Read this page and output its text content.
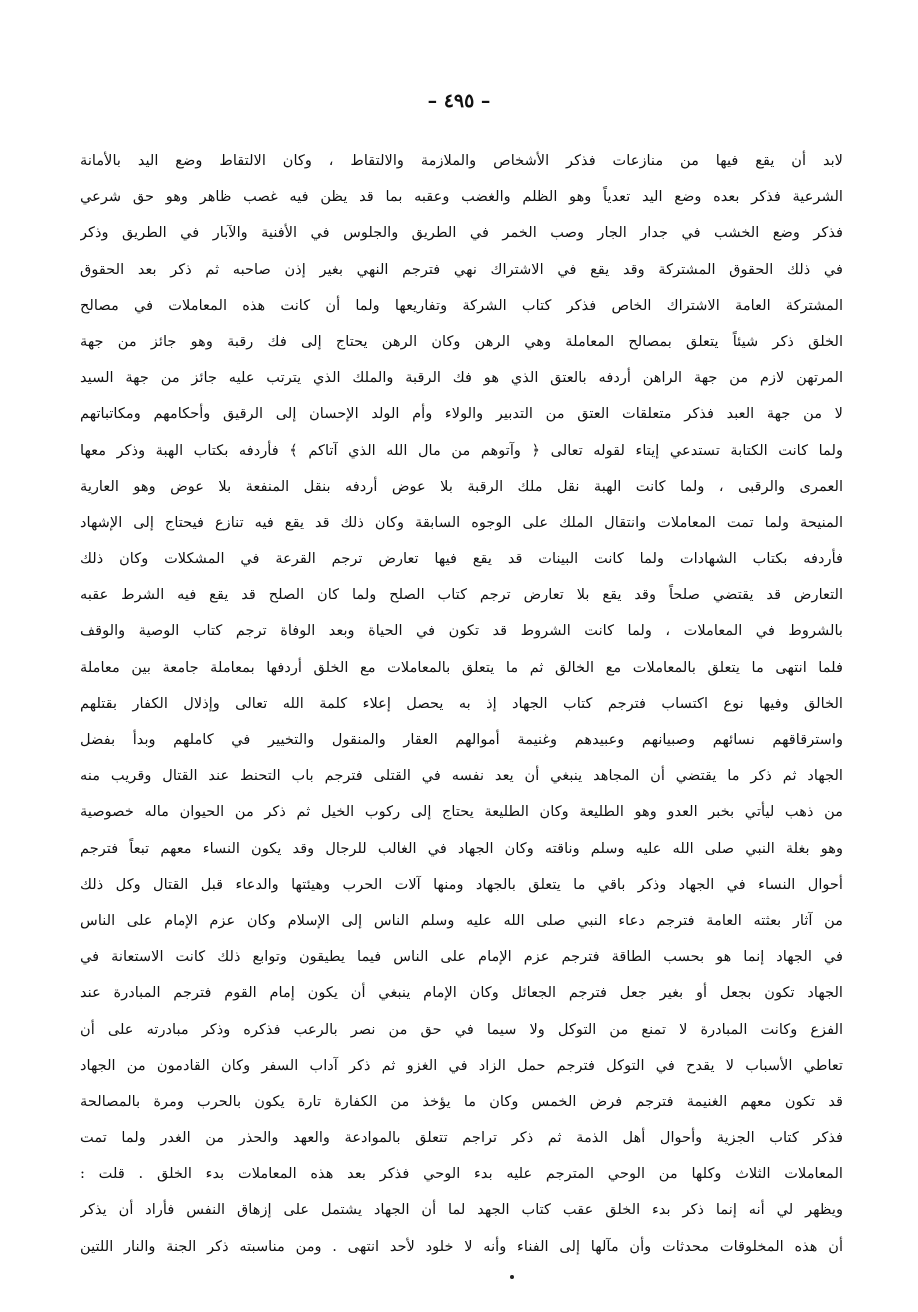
– ٤٩٥ –
لابد أن يقع فيها من منازعات فذكر الأشخاص والملازمة والالتقاط ، وكان الالتقاط وضع اليد بالأمانة
الشرعية فذكر بعده وضع اليد تعدياً وهو الظلم والغضب وعقبه بما قد يظن فيه غصب ظاهر وهو حق شرعي
فذكر وضع الخشب في جدار الجار وصب الخمر في الطريق والجلوس في الأفنية والآبار في الطريق وذكر
في ذلك الحقوق المشتركة وقد يقع في الاشتراك نهي فترجم النهي بغير إذن صاحبه ثم ذكر بعد الحقوق
المشتركة العامة الاشتراك الخاص فذكر كتاب الشركة وتفاريعها ولما أن كانت هذه المعاملات في مصالح
الخلق ذكر شيئاً يتعلق بمصالح المعاملة وهي الرهن وكان الرهن يحتاج إلى فك رقبة وهو جائز من جهة
المرتهن لازم من جهة الراهن أردفه بالعتق الذي هو فك الرقبة والملك الذي يترتب عليه جائز من جهة السيد
لا من جهة العبد فذكر متعلقات العتق من التدبير والولاء وأم الولد الإحسان إلى الرقيق وأحكامهم ومكاتباتهم
ولما كانت الكتابة تستدعي إيتاء لقوله تعالى ﴿ وآتوهم من مال الله الذي آتاكم ﴾ فأردفه بكتاب الهبة وذكر معها
العمرى والرقبى ، ولما كانت الهبة نقل ملك الرقبة بلا عوض أردفه بنقل المنفعة بلا عوض وهو العارية
المنيحة ولما تمت المعاملات وانتقال الملك على الوجوه السابقة وكان ذلك قد يقع فيه تنازع فيحتاج إلى الإشهاد
فأردفه بكتاب الشهادات ولما كانت البينات قد يقع فيها تعارض ترجم القرعة في المشكلات وكان ذلك
التعارض قد يقتضي صلحاً وقد يقع بلا تعارض ترجم كتاب الصلح ولما كان الصلح قد يقع فيه الشرط عقبه
بالشروط في المعاملات ، ولما كانت الشروط قد تكون في الحياة وبعد الوفاة ترجم كتاب الوصية والوقف
فلما انتهى ما يتعلق بالمعاملات مع الخالق ثم ما يتعلق بالمعاملات مع الخلق أردفها بمعاملة جامعة بين معاملة
الخالق وفيها نوع اكتساب فترجم كتاب الجهاد إذ به يحصل إعلاء كلمة الله تعالى وإذلال الكفار بقتلهم
واسترقاقهم نسائهم وصبيانهم وعبيدهم وغنيمة أموالهم العقار والمنقول والتخيير في كاملهم وبدأ بفضل
الجهاد ثم ذكر ما يقتضي أن المجاهد ينبغي أن يعد نفسه في القتلى فترجم باب التحنط عند القتال وقريب منه
من ذهب ليأتي بخبر العدو وهو الطليعة وكان الطليعة يحتاج إلى ركوب الخيل ثم ذكر من الحيوان ماله خصوصية
وهو بغلة النبي صلى الله عليه وسلم وناقته وكان الجهاد في الغالب للرجال وقد يكون النساء معهم تبعاً فترجم
أحوال النساء في الجهاد وذكر باقي ما يتعلق بالجهاد ومنها آلات الحرب وهيئتها والدعاء قبل القتال وكل ذلك
من آثار بعثته العامة فترجم دعاء النبي صلى الله عليه وسلم الناس إلى الإسلام وكان عزم الإمام على الناس
في الجهاد إنما هو بحسب الطاقة فترجم عزم الإمام على الناس فيما يطيقون وتوابع ذلك كانت الاستعانة في
الجهاد تكون بجعل أو بغير جعل فترجم الجعائل وكان الإمام ينبغي أن يكون إمام القوم فترجم المبادرة عند
الفزع وكانت المبادرة لا تمنع من التوكل ولا سيما في حق من نصر بالرعب فذكره وذكر مبادرته على أن
تعاطي الأسباب لا يقدح في التوكل فترجم حمل الزاد في الغزو ثم ذكر آداب السفر وكان القادمون من الجهاد
قد تكون معهم الغنيمة فترجم فرض الخمس وكان ما يؤخذ من الكفارة تارة يكون بالحرب ومرة بالمصالحة
فذكر كتاب الجزية وأحوال أهل الذمة ثم ذكر تراجم تتعلق بالموادعة والعهد والحذر من الغدر ولما تمت
المعاملات الثلاث وكلها من الوحي المترجم عليه بدء الوحي فذكر بعد هذه المعاملات بدء الخلق . قلت :
ويظهر لي أنه إنما ذكر بدء الخلق عقب كتاب الجهد لما أن الجهاد يشتمل على إزهاق النفس فأراد أن يذكر
أن هذه المخلوقات محدثات وأن مآلها إلى الفناء وأنه لا خلود لأحد انتهى . ومن مناسبته ذكر الجنة والنار اللتين
